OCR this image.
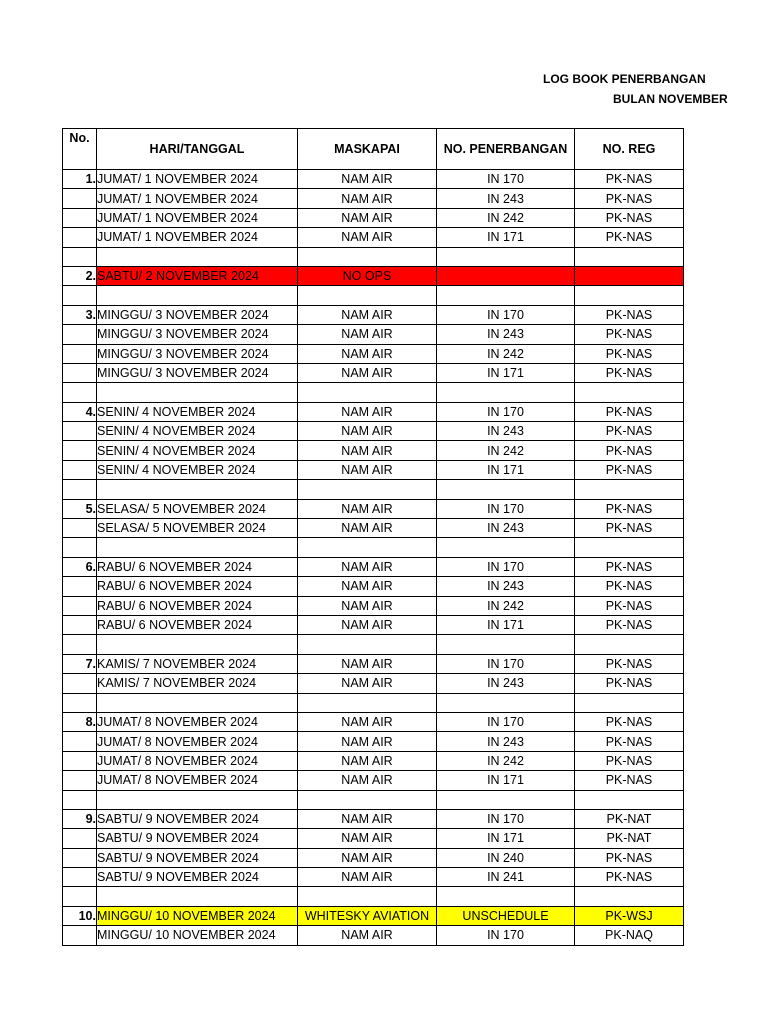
LOG BOOK PENERBANGAN
BULAN NOVEMBER
No.	HARI/TANGGAL	MASKAPAI	NO. PENERBANGAN	NO. REG
1.	JUMAT/ 1 NOVEMBER 2024	NAM AIR	IN 170	PK-NAS
	JUMAT/ 1 NOVEMBER 2024	NAM AIR	IN 243	PK-NAS
	JUMAT/ 1 NOVEMBER 2024	NAM AIR	IN 242	PK-NAS
	JUMAT/ 1 NOVEMBER 2024	NAM AIR	IN 171	PK-NAS

2.	SABTU/ 2 NOVEMBER 2024	NO OPS		

3.	MINGGU/ 3 NOVEMBER 2024	NAM AIR	IN 170	PK-NAS
	MINGGU/ 3 NOVEMBER 2024	NAM AIR	IN 243	PK-NAS
	MINGGU/ 3 NOVEMBER 2024	NAM AIR	IN 242	PK-NAS
	MINGGU/ 3 NOVEMBER 2024	NAM AIR	IN 171	PK-NAS

4.	SENIN/ 4 NOVEMBER 2024	NAM AIR	IN 170	PK-NAS
	SENIN/ 4 NOVEMBER 2024	NAM AIR	IN 243	PK-NAS
	SENIN/ 4 NOVEMBER 2024	NAM AIR	IN 242	PK-NAS
	SENIN/ 4 NOVEMBER 2024	NAM AIR	IN 171	PK-NAS

5.	SELASA/ 5 NOVEMBER 2024	NAM AIR	IN 170	PK-NAS
	SELASA/ 5 NOVEMBER 2024	NAM AIR	IN 243	PK-NAS

6.	RABU/ 6 NOVEMBER 2024	NAM AIR	IN 170	PK-NAS
	RABU/ 6 NOVEMBER 2024	NAM AIR	IN 243	PK-NAS
	RABU/ 6 NOVEMBER 2024	NAM AIR	IN 242	PK-NAS
	RABU/ 6 NOVEMBER 2024	NAM AIR	IN 171	PK-NAS

7.	KAMIS/ 7 NOVEMBER 2024	NAM AIR	IN 170	PK-NAS
	KAMIS/ 7 NOVEMBER 2024	NAM AIR	IN 243	PK-NAS

8.	JUMAT/ 8 NOVEMBER 2024	NAM AIR	IN 170	PK-NAS
	JUMAT/ 8 NOVEMBER 2024	NAM AIR	IN 243	PK-NAS
	JUMAT/ 8 NOVEMBER 2024	NAM AIR	IN 242	PK-NAS
	JUMAT/ 8 NOVEMBER 2024	NAM AIR	IN 171	PK-NAS

9.	SABTU/ 9 NOVEMBER 2024	NAM AIR	IN 170	PK-NAT
	SABTU/ 9 NOVEMBER 2024	NAM AIR	IN 171	PK-NAT
	SABTU/ 9 NOVEMBER 2024	NAM AIR	IN 240	PK-NAS
	SABTU/ 9 NOVEMBER 2024	NAM AIR	IN 241	PK-NAS

10.	MINGGU/ 10 NOVEMBER 2024	WHITESKY AVIATION	UNSCHEDULE	PK-WSJ
	MINGGU/ 10 NOVEMBER 2024	NAM AIR	IN 170	PK-NAQ
